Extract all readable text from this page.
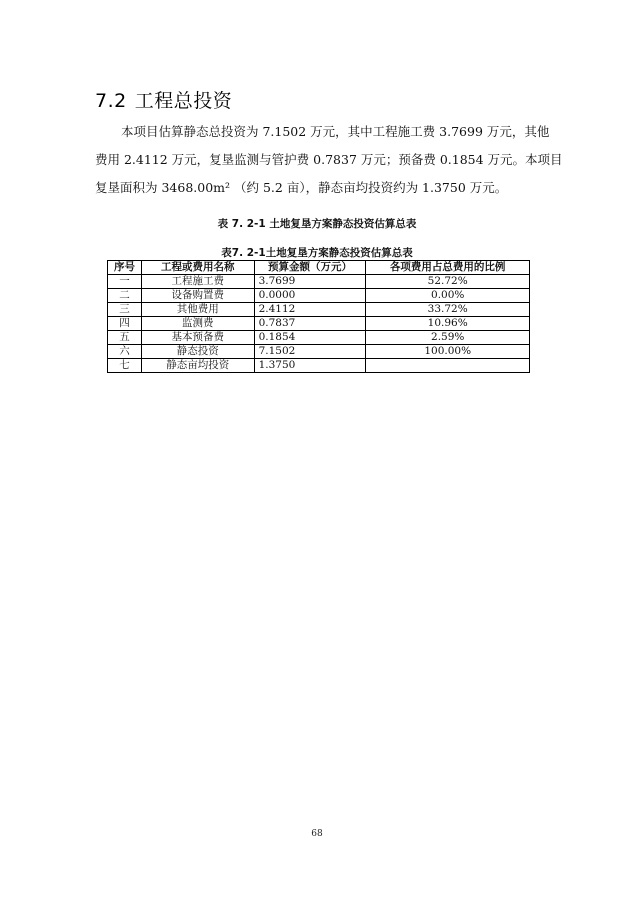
7.2 工程总投资
本项目估算静态总投资为 7.1502 万元，其中工程施工费 3.7699 万元，其他
费用 2.4112 万元，复垦监测与管护费 0.7837 万元；预备费 0.1854 万元。本项目
复垦面积为 3468.00m² （约 5.2 亩），静态亩均投资约为 1.3750 万元。
表 7. 2-1 土地复垦方案静态投资估算总表
表7. 2-1土地复垦方案静态投资估算总表
序号	工程或费用名称	预算金额（万元）	各项费用占总费用的比例
一	工程施工费	3.7699	52.72%
二	设备购置费	0.0000	0.00%
三	其他费用	2.4112	33.72%
四	监测费	0.7837	10.96%
五	基本预备费	0.1854	2.59%
六	静态投资	7.1502	100.00%
七	静态亩均投资	1.3750	
68
